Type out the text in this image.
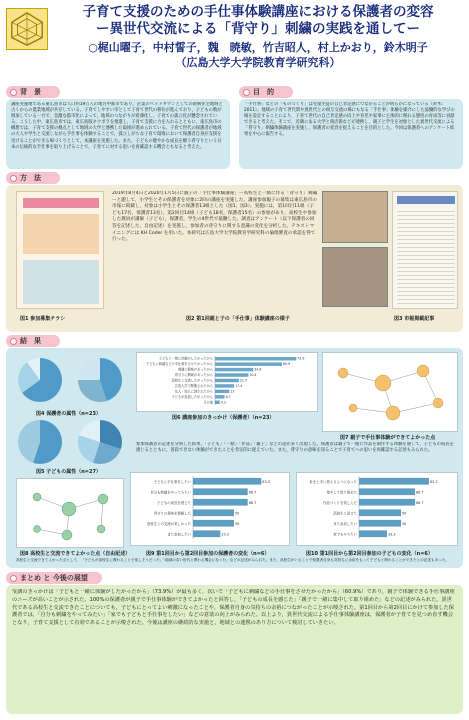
子育て支援のための手仕事体験講座における保護者の変容
ー異世代交流による「背守り」刺繍の実践を通してー
○梶山曜子，中村誓子，魏　暁敏，竹吉昭人，村上かおり，鈴木明子
（広島大学大学院教育学研究科）
背　景
講座実施地である東広島市は人口約19万人の地方中都市であり，企業のベッドタウンとしての新興住宅地域と古くからの農業地域が共存している。子育てしやすい市として子育て世代の移住が進んでおり，子どもの数が増加している一方で，急激な都市化によって，地域のつながりが希薄化し，子育ての孤立化が懸念されている。こうした中，東広島市では，東広島版ネウボラを推進し，子育て支援に力を入れるとともに，東広島市の構想では，子育て支援の拠点として地域の大学と連携した取組が進められている。子育て世代の保護者が地域の大人や学生と交流しながら手仕事を体験することで，孤立しがちな子育て環境において保護者自身が支援を受けることができる場づくりとして，本講座を実施した。また，子どもの健やかな成長を願う背守りという日本の伝統的な手仕事を取り上げることで，子育てに対する思いを再確認する機会ともなると考えた。
目　的
「手仕事」などの「ものづくり」は児童生徒の自己肯定感につながることが明らかになっている（鈴木：2011）。地域の子育て世代間や異世代との相互交流の場にもなる「手仕事」体験を媒介にした協働的な学びの場を設定することにより，子育て世代の自己肯定感の向上や育児や家事に主体的に関わる態度の育成等に貢献できると考えた。そこで，近隣にある大学と商店街などが連携し，親子と学生を対象とした異世代交流による「背守り」刺繍体験講座を実施し，保護者の変容を捉えることを目的とした。今回は保護者へのアンケート結果を中心に報告する。
方　法
2019年8月4日と2020年1月5日に親子の「手仕事体験講座」ー高校生と一緒に作る「背守り」刺繍ーと題して，小学生とその保護者を対象に2回の講座を実施した。講座参加親子の募集は東広島市の市報に掲載し，対象は小学生とその保護者13組とした（図1，図3）。実施には，第1回目11組（子ども17名，保護者13名），第2回目14組（子ども18名，保護者15名）の参加があり，高校生や参加した教員が講師（子ども），保護者，学生の4世代で協働した。調査はアンケート（以下保護者の回答を記述した，自由記述）を実施し，参加者の背守りに関する意識の変化を分析した。テキストマイニングには KH Coder を用いた。本研究は広島大学大学院教育学研究科の倫理審査の承認を得て行った。
図1 参加募集チラシ	図2 第1回親と子の「手仕事」体験講座の様子	図3 市報掲載記事
結　果
図4 保護者の属性（n=23）
図5 子どもの属性（n=27）
子どもと一緒に体験がしたかったから	73.9
子どもに刺繍などの手仕事をさせたかったから	60.9
刺繍に興味があったから	34.8
背守りに興味があったから	30.4
高校生と交流したかったから	21.7
広島大学で開催されたから	17.4
友人・知人に誘われたから	13
子どもが参加したがったから	8.7
その他 4.3
図6 講座参加のきっかけ（保護者）（n=23）
図7 親子で手仕事体験ができてよかった点
参加保護者の記述を分析した結果，「子ども」「一緒」「作品」「親子」などの語が多く出現した。保護者は親子で一緒に作品を制作する体験を通して，子どもの成長を感じるとともに，普段できない体験ができたことを肯定的に捉えていた。また，背守りの意味を知ることで子育てへの思いを再確認する記述もみられた。
子どもと手仕事をしたい	83.3
自分も刺繍をやってみたい	66.7
子どもの成長を感じた	66.7
背守りの意味を理解した	50
高校生との交流が楽しかった	50
また参加したい	33.3
針を上手に使えるようになった	83.3
集中して取り組めた	66.7
作品づくりを楽しんだ	66.7
高校生と話せた	50
また参加したい	50
家でもやりたい	33.3
図8 高校生と交流できてよかった点（自由記述）	図9 第1回目から第2回目参加の保護者の変化（n=6）	図10 第1回目から第2回目参加の子どもの変化（n=6）
高校生と交流できてよかった点として，「子どもが高校生に教わることで楽しそうだった」「地域の若い世代と関わる機会になった」などの記述がみられた。また，高校生がいることで保護者自身も気持ちに余裕をもって子どもと関わることができたとの記述もあった。
まとめ と 今後の展望
受講のきっかけは「子どもと一緒に体験がしたかったから」（73.9%）が最も多く，次いで「子どもに刺繍などの手仕事をさせたかったから」（60.9%）であり，親子で体験できる手仕事講座のニーズが高いことが示された。100%の保護者が親子で手仕事体験ができてよかったと回答し，「子どもの成長を感じた」「親子で一緒に集中して取り組めた」などの記述がみられた。異世代である高校生と交流できたことについても，子どもにとってよい刺激になったことや，保護者自身の気持ちの余裕につながったことが示唆された。第1回目から第2回目にかけて参加した保護者では，「自分も刺繍をやってみたい」「家でも子どもと手仕事をしたい」などの意欲の向上がみられた。以上より，異世代交流による手仕事体験講座は，保護者が子育てを見つめ直す機会となり，子育て支援として有効であることが示唆された。今後は講座の継続的な実施と，地域との連携のあり方について検討していきたい。
